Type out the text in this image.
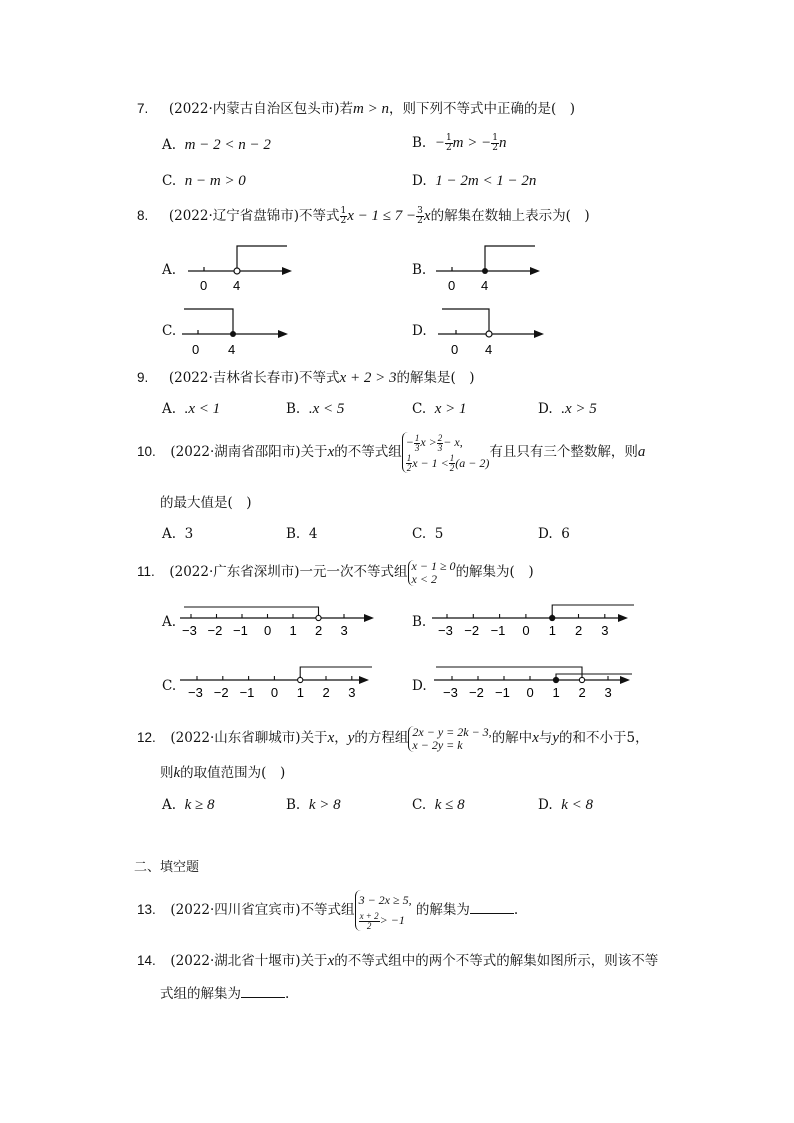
7. (2022·内蒙古自治区包头市)若m > n，则下列不等式中正确的是(　)
A. m − 2 < n − 2	B. − $\frac{1}{2}$ m > − $\frac{1}{2}$ n
C. n − m > 0	D. 1 − 2m < 1 − 2n
8. (2022·辽宁省盘锦市)不等式 $\frac{1}{2}$ $x - 1 \le 7 - \frac{3}{2}$ x的解集在数轴上表示为(　)
A.
0 4
B.
0 4
C.
0 4
D.
0 4
9. (2022·吉林省长春市)不等式x + 2 > 3的解集是(　)
A. .x < 1	B. .x < 5	C. x > 1	D. .x > 5
10. (2022·湖南省邵阳市)关于x的不等式组
− $\frac{1}{3}$ $x > \frac{2}{3} - x$,
$\frac{1}{2}$ $x - 1 < \frac{1}{2} (a - 2)$
有且只有三个整数解，则a
的最大值是(　)
A. 3	B. 4	C. 5	D. 6
11. (2022·广东省深圳市)一元一次不等式组 x − 1 ≥ 0
x < 2	的解集为(　)
A.
−3 −2 −1 0 1 2 3
B.
−3 −2 −1 0 1 2 3
C. −3 −2 −1 0 1 2 3	D. −3 −2 −1 0 1 2 3
12. (2022·山东省聊城市)关于x，y的方程组 2x − y = 2k − 3,
x − 2y = k	的解中x与y的和不小于5，
则k的取值范围为(　)
A. k ≥ 8	B. k > 8	C. k ≤ 8	D. k < 8
二、填空题
13. (2022·四川省宜宾市)不等式组
3 − 2x ≥ 5,
$\frac{x + 2}{2} > -1$
的解集为	.
14. (2022·湖北省十堰市)关于x的不等式组中的两个不等式的解集如图所示，则该不等
式组的解集为	.
